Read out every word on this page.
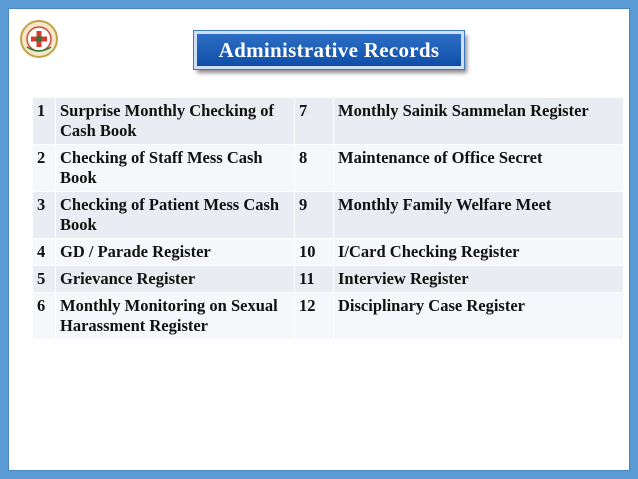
Administrative Records
1	Surprise Monthly Checking of Cash Book	7	Monthly Sainik Sammelan Register
2	Checking of Staff Mess Cash Book	8	Maintenance of Office Secret
3	Checking of Patient Mess Cash Book	9	Monthly Family Welfare Meet
4	GD / Parade Register	10	I/Card Checking Register
5	Grievance Register	11	Interview Register
6	Monthly Monitoring on Sexual Harassment Register	12	Disciplinary Case Register
